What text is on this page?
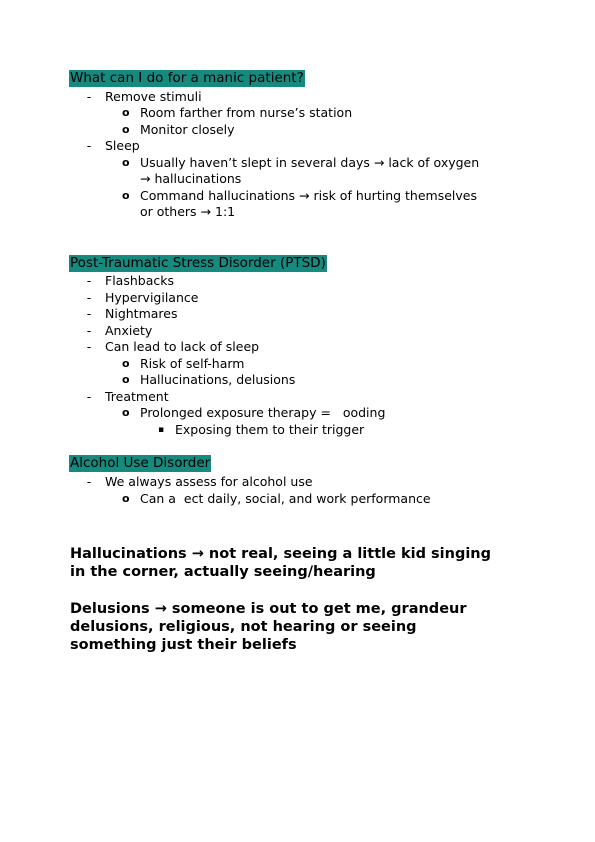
What can I do for a manic patient?
- Remove stimuli
o Room farther from nurse’s station
o Monitor closely
- Sleep
o Usually haven’t slept in several days → lack of oxygen
→ hallucinations
o Command hallucinations → risk of hurting themselves
or others → 1:1
Post-Traumatic Stress Disorder (PTSD)
- Flashbacks
- Hypervigilance
- Nightmares
- Anxiety
- Can lead to lack of sleep
o Risk of self-harm
o Hallucinations, delusions
- Treatment
o Prolonged exposure therapy =   ooding
▪ Exposing them to their trigger
Alcohol Use Disorder
- We always assess for alcohol use
o Can a  ect daily, social, and work performance
Hallucinations → not real, seeing a little kid singing
in the corner, actually seeing/hearing
Delusions → someone is out to get me, grandeur
delusions, religious, not hearing or seeing
something just their beliefs
